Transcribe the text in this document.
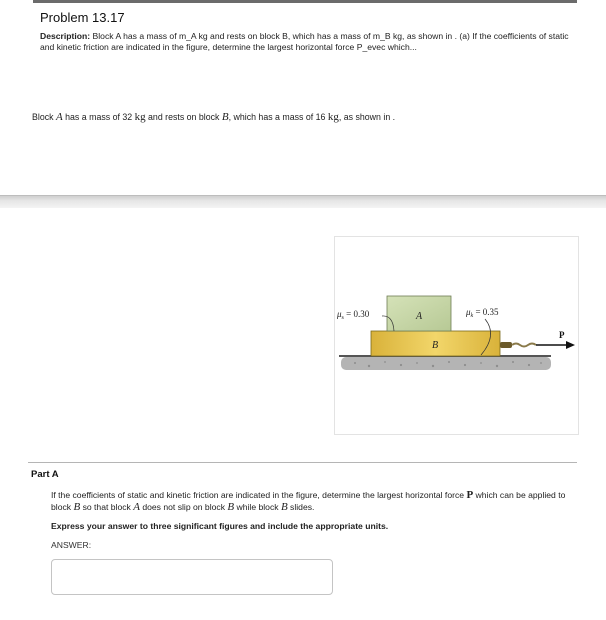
Problem 13.17
Description: Block A has a mass of m_A kg and rests on block B, which has a mass of m_B kg, as shown in . (a) If the coefficients of static and kinetic friction are indicated in the figure, determine the largest horizontal force P_evec which...
Block A has a mass of 32 kg and rests on block B, which has a mass of 16 kg, as shown in .
A
B
$\mu_s = 0.30$	$\mu_k = 0.35$
P
Part A
If the coefficients of static and kinetic friction are indicated in the figure, determine the largest horizontal force P which can be applied to block B so that block A does not slip on block B while block B slides.
Express your answer to three significant figures and include the appropriate units.
ANSWER:
